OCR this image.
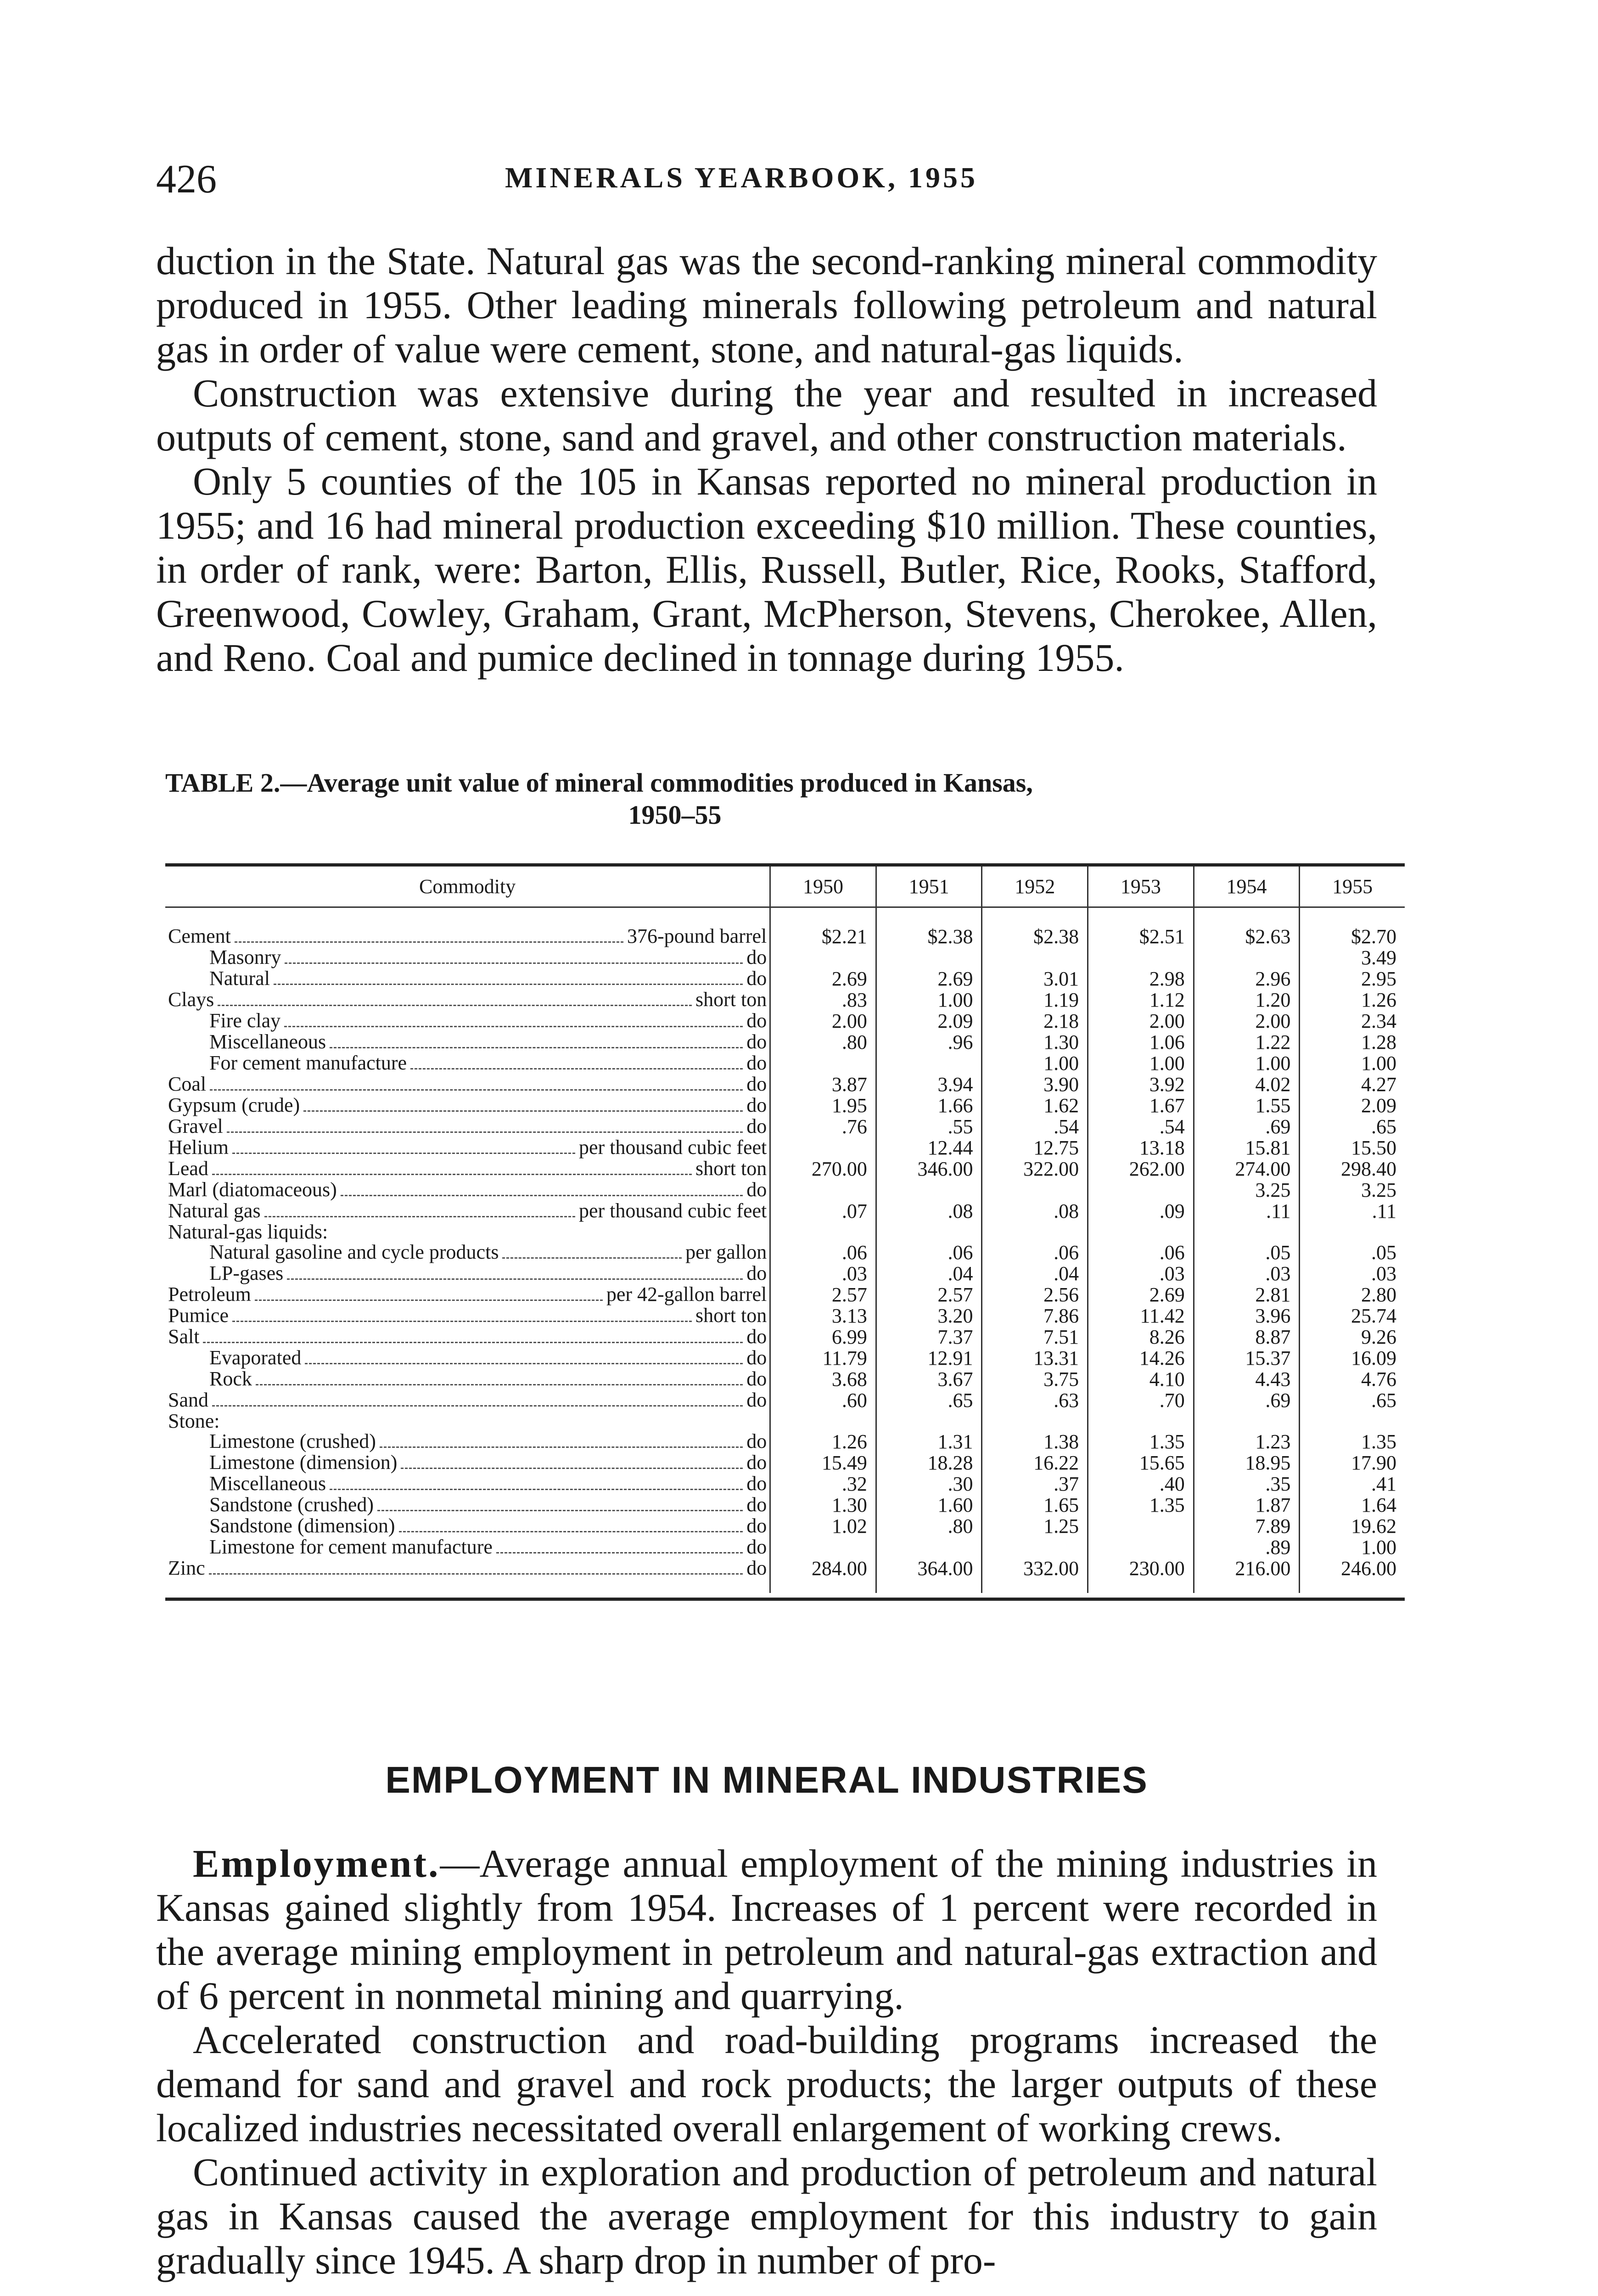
426	MINERALS YEARBOOK, 1955

duction in the State. Natural gas was the second-ranking mineral commodity produced in 1955. Other leading minerals following petroleum and natural gas in order of value were cement, stone, and natural-gas liquids.

Construction was extensive during the year and resulted in increased outputs of cement, stone, sand and gravel, and other construction materials.

Only 5 counties of the 105 in Kansas reported no mineral production in 1955; and 16 had mineral production exceeding $10 million. These counties, in order of rank, were: Barton, Ellis, Russell, Butler, Rice, Rooks, Stafford, Greenwood, Cowley, Graham, Grant, McPherson, Stevens, Cherokee, Allen, and Reno. Coal and pumice declined in tonnage during 1955.

TABLE 2.—Average unit value of mineral commodities produced in Kansas,
1950–55
Commodity	1950	1951	1952	1953	1954	1955

Cement 376-pound barrel	$2.21	$2.38	$2.38	$2.51	$2.63	$2.70

Masonry do						3.49

Natural do	2.69	2.69	3.01	2.98	2.96	2.95

Clays short ton	.83	1.00	1.19	1.12	1.20	1.26

Fire clay do	2.00	2.09	2.18	2.00	2.00	2.34

Miscellaneous do	.80	.96	1.30	1.06	1.22	1.28

For cement manufacture do			1.00	1.00	1.00	1.00

Coal do	3.87	3.94	3.90	3.92	4.02	4.27

Gypsum (crude) do	1.95	1.66	1.62	1.67	1.55	2.09

Gravel do	.76	.55	.54	.54	.69	.65

Helium per thousand cubic feet		12.44	12.75	13.18	15.81	15.50

Lead short ton	270.00	346.00	322.00	262.00	274.00	298.40

Marl (diatomaceous) do					3.25	3.25

Natural gas per thousand cubic feet	.07	.08	.08	.09	.11	.11

Natural-gas liquids:						

Natural gasoline and cycle products per gallon	.06	.06	.06	.06	.05	.05

LP-gases do	.03	.04	.04	.03	.03	.03

Petroleum per 42-gallon barrel	2.57	2.57	2.56	2.69	2.81	2.80

Pumice short ton	3.13	3.20	7.86	11.42	3.96	25.74

Salt do	6.99	7.37	7.51	8.26	8.87	9.26

Evaporated do	11.79	12.91	13.31	14.26	15.37	16.09

Rock do	3.68	3.67	3.75	4.10	4.43	4.76

Sand do	.60	.65	.63	.70	.69	.65

Stone:						

Limestone (crushed) do	1.26	1.31	1.38	1.35	1.23	1.35

Limestone (dimension) do	15.49	18.28	16.22	15.65	18.95	17.90

Miscellaneous do	.32	.30	.37	.40	.35	.41

Sandstone (crushed) do	1.30	1.60	1.65	1.35	1.87	1.64

Sandstone (dimension) do	1.02	.80	1.25		7.89	19.62

Limestone for cement manufacture do					.89	1.00

Zinc do	284.00	364.00	332.00	230.00	216.00	246.00
EMPLOYMENT IN MINERAL INDUSTRIES

Employment.—Average annual employment of the mining industries in Kansas gained slightly from 1954. Increases of 1 percent were recorded in the average mining employment in petroleum and natural-gas extraction and of 6 percent in nonmetal mining and quarrying.

Accelerated construction and road-building programs increased the demand for sand and gravel and rock products; the larger outputs of these localized industries necessitated overall enlargement of working crews.

Continued activity in exploration and production of petroleum and natural gas in Kansas caused the average employment for this industry to gain gradually since 1945. A sharp drop in number of pro-
